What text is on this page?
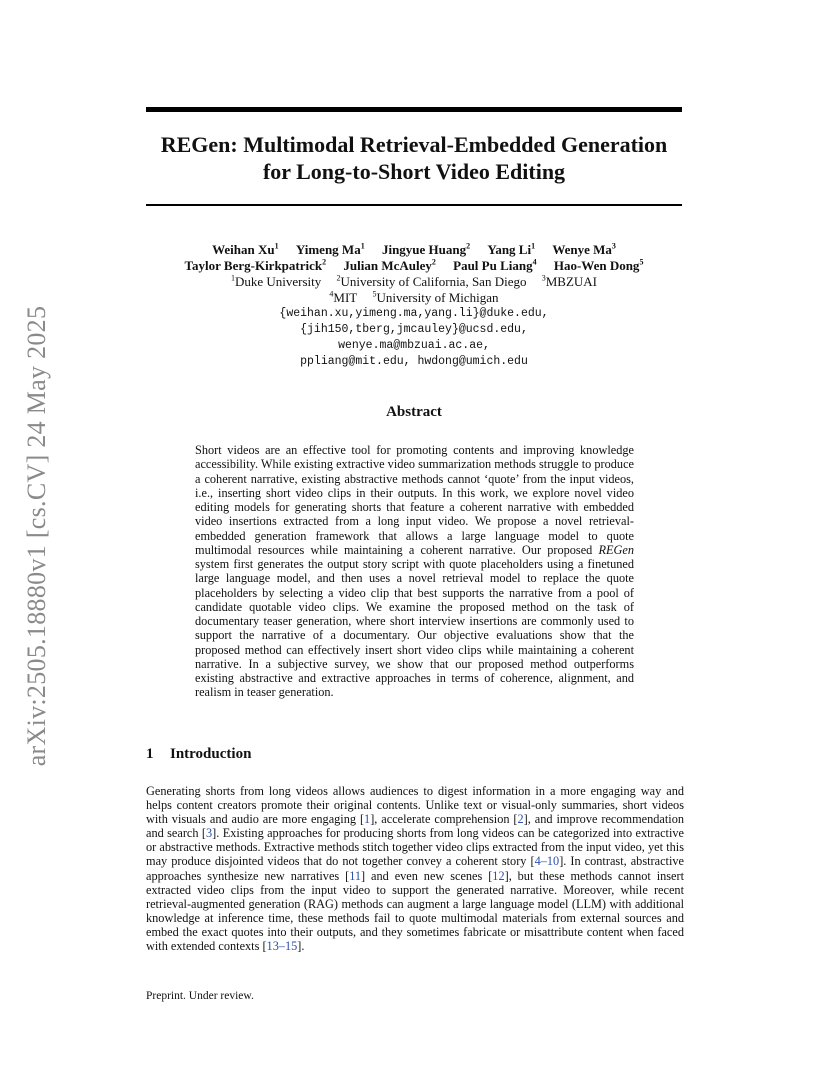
arXiv:2505.18880v1 [cs.CV] 24 May 2025
REGen: Multimodal Retrieval-Embedded Generation
for Long-to-Short Video Editing
Weihan Xu$^1$ Yimeng Ma$^1$ Jingyue Huang$^2$ Yang Li$^1$ Wenye Ma$^3$
Taylor Berg-Kirkpatrick$^2$ Julian McAuley$^2$ Paul Pu Liang$^4$ Hao-Wen Dong$^5$
$^1$Duke University $^2$University of California, San Diego $^3$MBZUAI
$^4$MIT $^5$University of Michigan
{weihan.xu,yimeng.ma,yang.li}@duke.edu,
{jih150,tberg,jmcauley}@ucsd.edu,
wenye.ma@mbzuai.ac.ae,
ppliang@mit.edu, hwdong@umich.edu
Abstract
Short videos are an effective tool for promoting contents and improving knowledge accessibility. While existing extractive video summarization methods struggle to produce a coherent narrative, existing abstractive methods cannot ‘quote’ from the input videos, i.e., inserting short video clips in their outputs. In this work, we explore novel video editing models for generating shorts that feature a coherent narrative with embedded video insertions extracted from a long input video. We propose a novel retrieval-embedded generation framework that allows a large language model to quote multimodal resources while maintaining a coherent narrative. Our proposed REGen system first generates the output story script with quote placeholders using a finetuned large language model, and then uses a novel retrieval model to replace the quote placeholders by selecting a video clip that best supports the narrative from a pool of candidate quotable video clips. We examine the proposed method on the task of documentary teaser generation, where short interview insertions are commonly used to support the narrative of a documentary. Our objective evaluations show that the proposed method can effectively insert short video clips while maintaining a coherent narrative. In a subjective survey, we show that our proposed method outperforms existing abstractive and extractive approaches in terms of coherence, alignment, and realism in teaser generation.
1 Introduction
Generating shorts from long videos allows audiences to digest information in a more engaging way and helps content creators promote their original contents. Unlike text or visual-only summaries, short videos with visuals and audio are more engaging [1], accelerate comprehension [2], and improve recommendation and search [3]. Existing approaches for producing shorts from long videos can be categorized into extractive or abstractive methods. Extractive methods stitch together video clips extracted from the input video, yet this may produce disjointed videos that do not together convey a coherent story [4–10]. In contrast, abstractive approaches synthesize new narratives [11] and even new scenes [12], but these methods cannot insert extracted video clips from the input video to support the generated narrative. Moreover, while recent retrieval-augmented generation (RAG) methods can augment a large language model (LLM) with additional knowledge at inference time, these methods fail to quote multimodal materials from external sources and embed the exact quotes into their outputs, and they sometimes fabricate or misattribute content when faced with extended contexts [13–15].
Preprint. Under review.
